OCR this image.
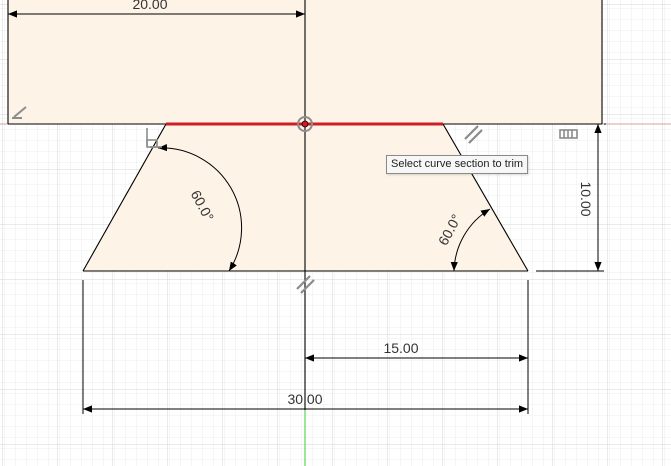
20.00
10.00
15.00
30.00
60.0°
60.0°
Select curve section to trim
